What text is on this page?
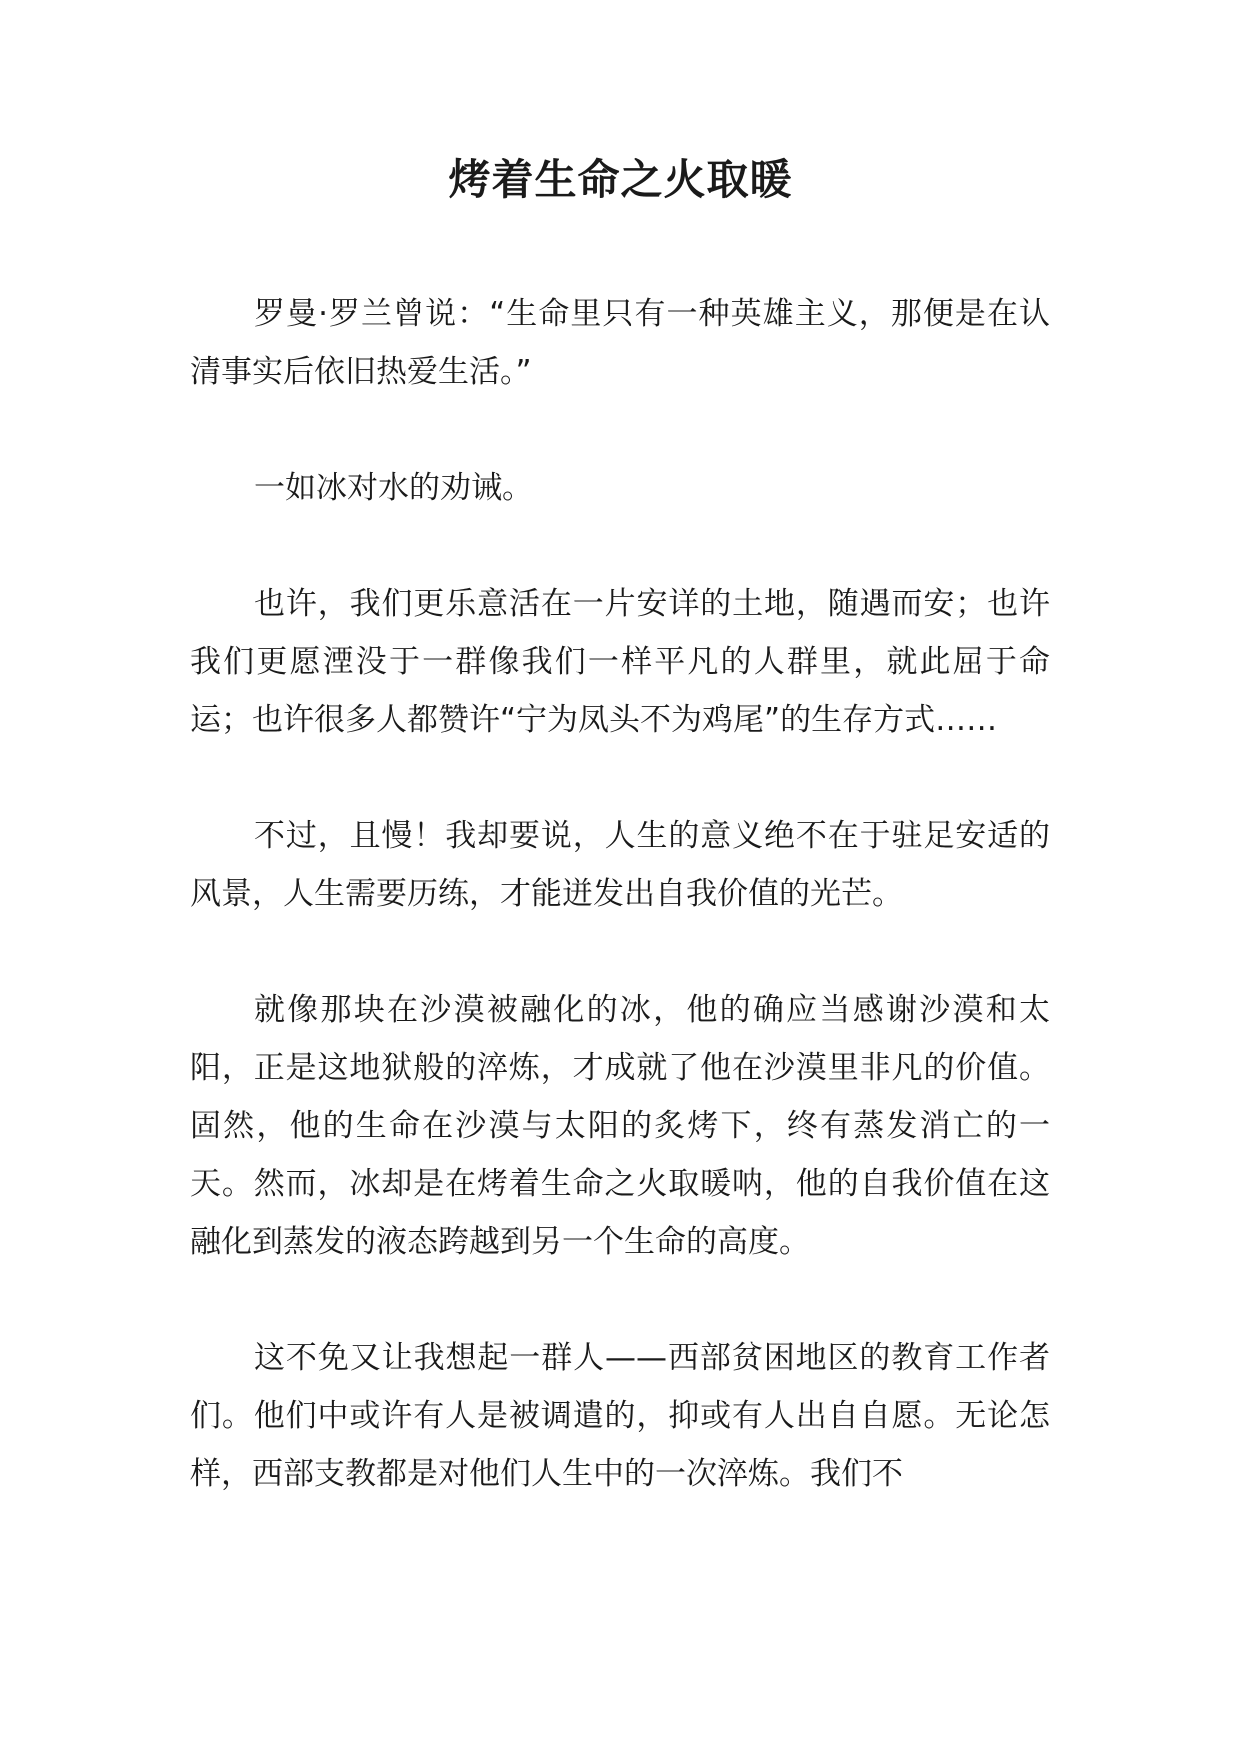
烤着生命之火取暖

罗曼·罗兰曾说：“生命里只有一种英雄主义，那便是在认清事实后依旧热爱生活。”

一如冰对水的劝诫。

也许，我们更乐意活在一片安详的土地，随遇而安；也许我们更愿湮没于一群像我们一样平凡的人群里，就此屈于命运；也许很多人都赞许“宁为凤头不为鸡尾”的生存方式……

不过，且慢！我却要说，人生的意义绝不在于驻足安适的风景，人生需要历练，才能迸发出自我价值的光芒。

就像那块在沙漠被融化的冰，他的确应当感谢沙漠和太阳，正是这地狱般的淬炼，才成就了他在沙漠里非凡的价值。固然，他的生命在沙漠与太阳的炙烤下，终有蒸发消亡的一天。然而，冰却是在烤着生命之火取暖呐，他的自我价值在这融化到蒸发的液态跨越到另一个生命的高度。

这不免又让我想起一群人——西部贫困地区的教育工作者们。他们中或许有人是被调遣的，抑或有人出自自愿。无论怎样，西部支教都是对他们人生中的一次淬炼。我们不
